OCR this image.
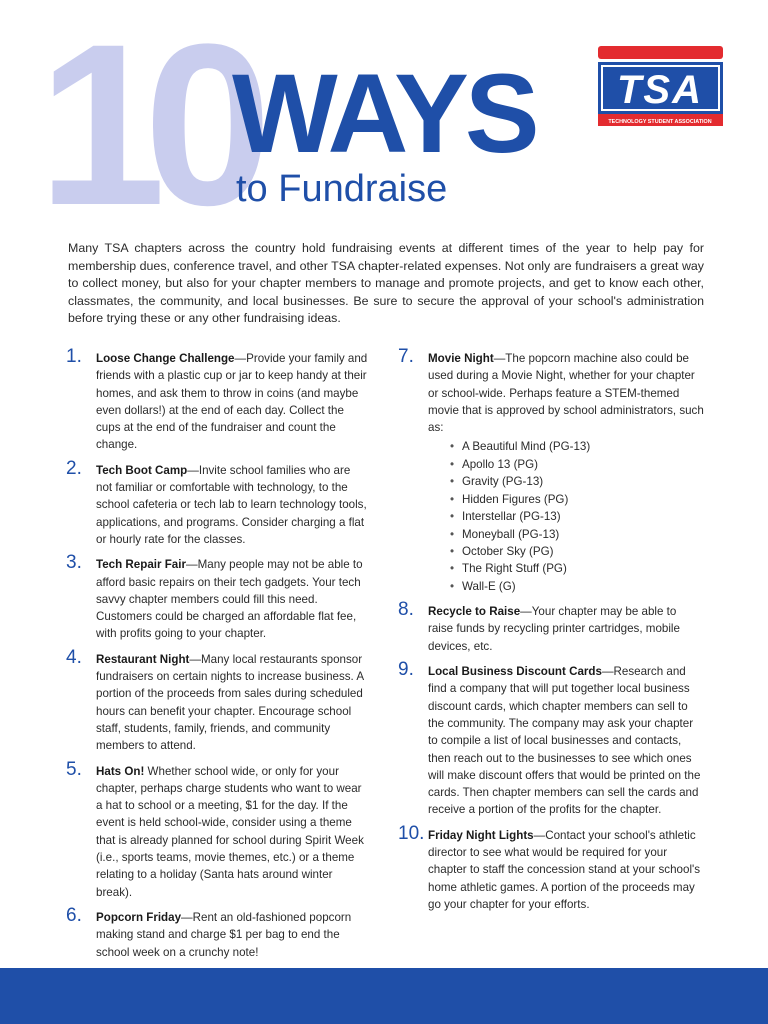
10
WAYS
to Fundraise
TSA
TECHNOLOGY STUDENT ASSOCIATION

Many TSA chapters across the country hold fundraising events at different times of the year to help pay for membership dues, conference travel, and other TSA chapter-related expenses. Not only are fundraisers a great way to collect money, but also for your chapter members to manage and promote projects, and get to know each other, classmates, the community, and local businesses. Be sure to secure the approval of your school's administration before trying these or any other fundraising ideas.

1. Loose Change Challenge—Provide your family and friends with a plastic cup or jar to keep handy at their homes, and ask them to throw in coins (and maybe even dollars!) at the end of each day. Collect the cups at the end of the fundraiser and count the change.

2. Tech Boot Camp—Invite school families who are not familiar or comfortable with technology, to the school cafeteria or tech lab to learn technology tools, applications, and programs. Consider charging a flat or hourly rate for the classes.

3. Tech Repair Fair—Many people may not be able to afford basic repairs on their tech gadgets. Your tech savvy chapter members could fill this need. Customers could be charged an affordable flat fee, with profits going to your chapter.

4. Restaurant Night—Many local restaurants sponsor fundraisers on certain nights to increase business. A portion of the proceeds from sales during scheduled hours can benefit your chapter. Encourage school staff, students, family, friends, and community members to attend.

5. Hats On! Whether school wide, or only for your chapter, perhaps charge students who want to wear a hat to school or a meeting, $1 for the day. If the event is held school-wide, consider using a theme that is already planned for school during Spirit Week (i.e., sports teams, movie themes, etc.) or a theme relating to a holiday (Santa hats around winter break).

6. Popcorn Friday—Rent an old-fashioned popcorn making stand and charge $1 per bag to end the school week on a crunchy note!

7. Movie Night—The popcorn machine also could be used during a Movie Night, whether for your chapter or school-wide. Perhaps feature a STEM-themed movie that is approved by school administrators, such as:

• A Beautiful Mind (PG-13)
• Apollo 13 (PG)
• Gravity (PG-13)
• Hidden Figures (PG)
• Interstellar (PG-13)
• Moneyball (PG-13)
• October Sky (PG)
• The Right Stuff (PG)
• Wall-E (G)
8. Recycle to Raise—Your chapter may be able to raise funds by recycling printer cartridges, mobile devices, etc.

9. Local Business Discount Cards—Research and find a company that will put together local business discount cards, which chapter members can sell to the community. The company may ask your chapter to compile a list of local businesses and contacts, then reach out to the businesses to see which ones will make discount offers that would be printed on the cards. Then chapter members can sell the cards and receive a portion of the profits for the chapter.

10. Friday Night Lights—Contact your school's athletic director to see what would be required for your chapter to staff the concession stand at your school's home athletic games. A portion of the proceeds may go your chapter for your efforts.
